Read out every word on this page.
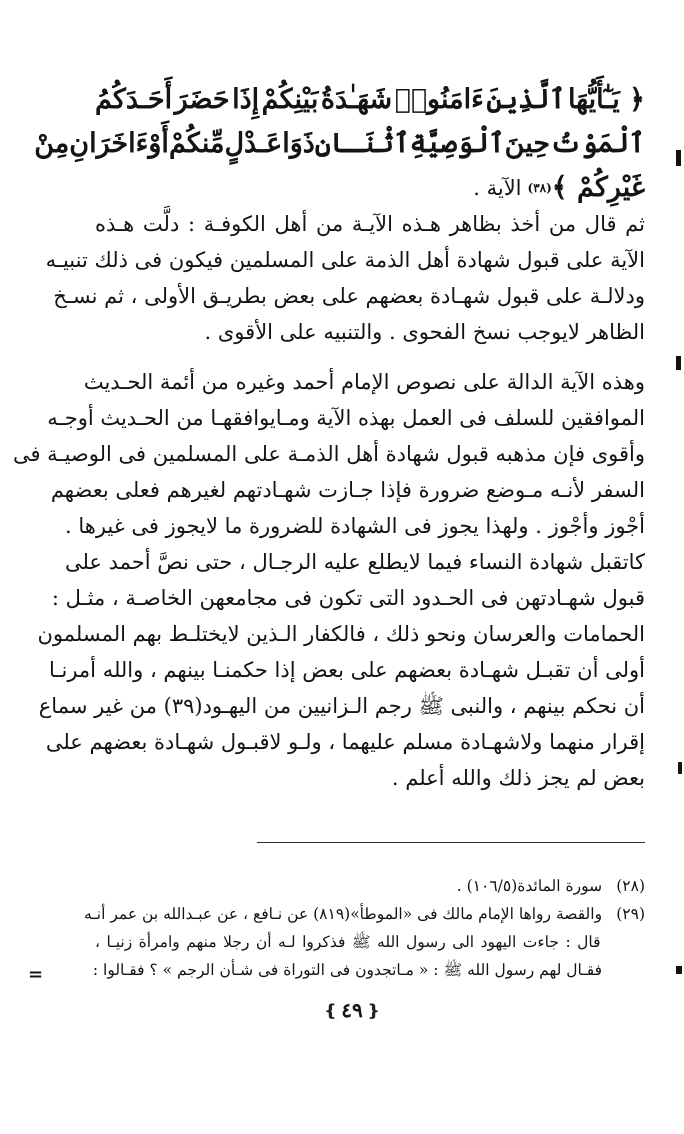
﴿ يَـٰٓأَيُّهَا
ٱلَّذِينَ
ءَامَنُوا۟
شَهَـٰدَةُ
بَيْنِكُمْ
إِذَا
حَضَرَ
أَحَـدَكُمُ
ٱلْمَوْتُ
حِينَ
ٱلْوَصِيَّةِ
ٱثْنَـانِ
ذَوَا
عَـدْلٍ
مِّنكُمْ
أَوْ
ءَاخَرَانِ
مِنْ
غَيْرِكُمْ ﴾
(٣٨)
الآية .
ثم قال من أخذ بظاهر هـذه الآيـة من أهل الكوفـة : دلَّت هـذه
الآية على قبول شهادة أهل الذمة على المسلمين فيكون فى ذلك تنبيـه
ودلالـة على قبول شهـادة بعضهم على بعض بطريـق الأولى ، ثم نسـخ
الظاهر لايوجب نسخ الفحوى . والتنبيه على الأقوى .
وهذه الآية الدالة على نصوص الإمام أحمد وغيره من أئمة الحـديث
الموافقين للسلف فى العمل بهذه الآية ومـايوافقهـا من الحـديث أوجـه
وأقوى فإن مذهبه قبول شهادة أهل الذمـة على المسلمين فى الوصيـة فى
السفر لأنـه مـوضع ضرورة فإذا جـازت شهـادتهم لغيرهم فعلى بعضهم
أجْوز وأجْوز . ولهذا يجوز فى الشهادة للضرورة ما لايجوز فى غيرها .
كاتقبل شهادة النساء فيما لايطلع عليه الرجـال ، حتى نصَّ أحمد على
قبول شهـادتهن فى الحـدود التى تكون فى مجامعهن الخاصـة ، مثـل :
الحمامات والعرسان ونحو ذلك ، فالكفار الـذين لايختلـط بهم المسلمون
أولى أن تقبـل شهـادة بعضهم على بعض إذا حكمنـا بينهم ، والله أمرنـا
أن نحكم بينهم ، والنبى ﷺ رجم الـزانيين من اليهـود(٣٩) من غير سماع
إقرار منهما ولاشهـادة مسلم عليهما ، ولـو لاقبـول شهـادة بعضهم على
بعض لم يجز ذلك والله أعلم .
(٢٨) سورة المائدة(١٠٦/٥) .
(٢٩) والقصة رواها الإمام مالك فى «الموطأ»(٨١٩) عن نـافع ، عن عبـدالله بن عمر أنـه
قال : جاءت اليهود الى رسول الله ﷺ فذكروا لـه أن رجلا منهم وامرأة زنيـا ،
فقـال لهم رسول الله ﷺ : « مـاتجدون فى التوراة فى شـأن الرجم » ؟ فقـالوا :
=
❴
٤٩
❵
